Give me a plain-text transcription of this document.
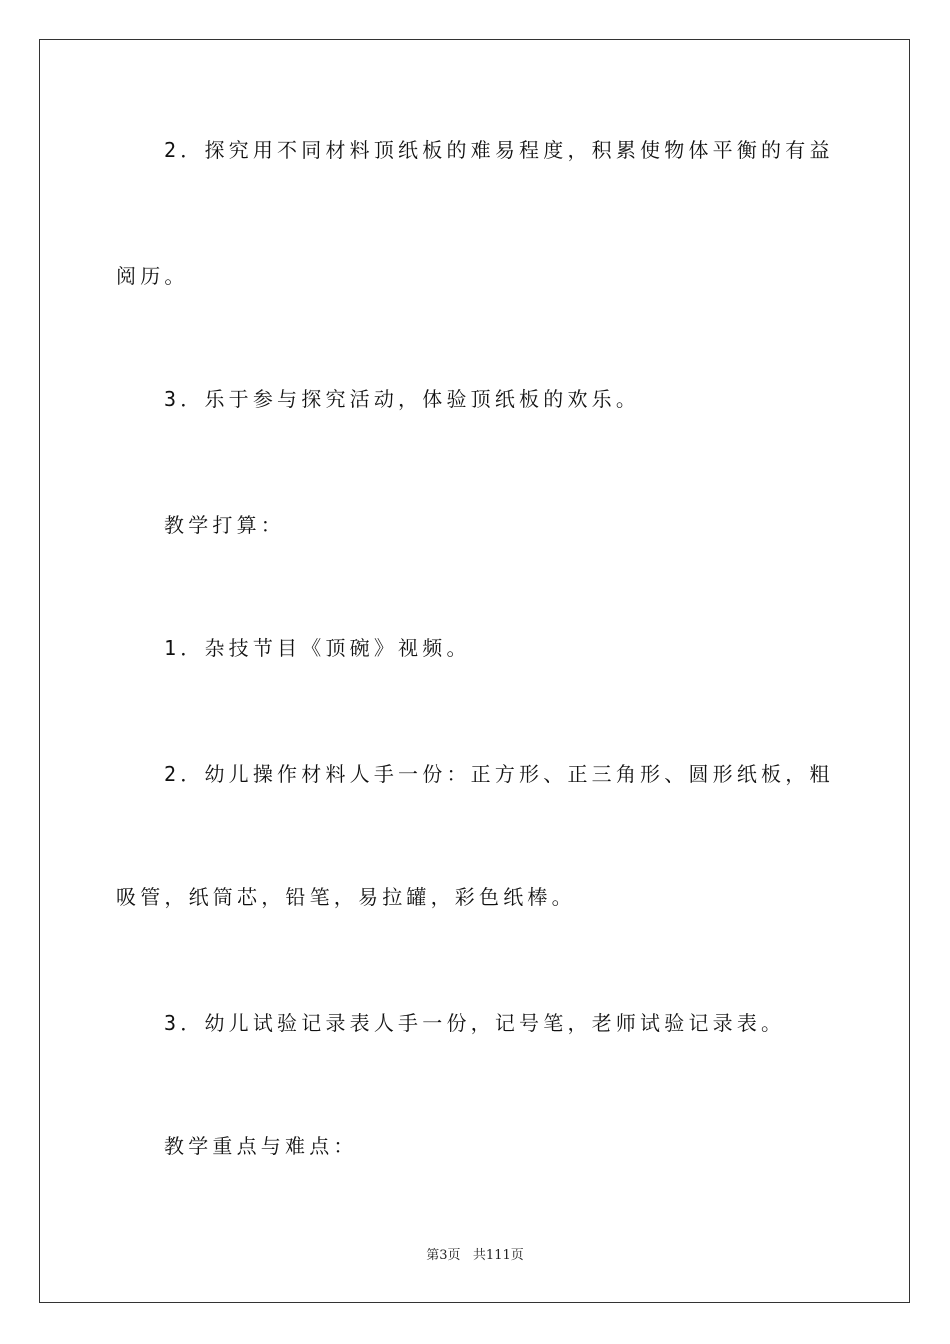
2．探究用不同材料顶纸板的难易程度，积累使物体平衡的有益

阅历。

3．乐于参与探究活动，体验顶纸板的欢乐。

教学打算：

1．杂技节目《顶碗》视频。

2．幼儿操作材料人手一份：正方形、正三角形、圆形纸板，粗

吸管，纸筒芯，铅笔，易拉罐，彩色纸棒。

3．幼儿试验记录表人手一份，记号笔，老师试验记录表。

教学重点与难点：

第3页 共111页
